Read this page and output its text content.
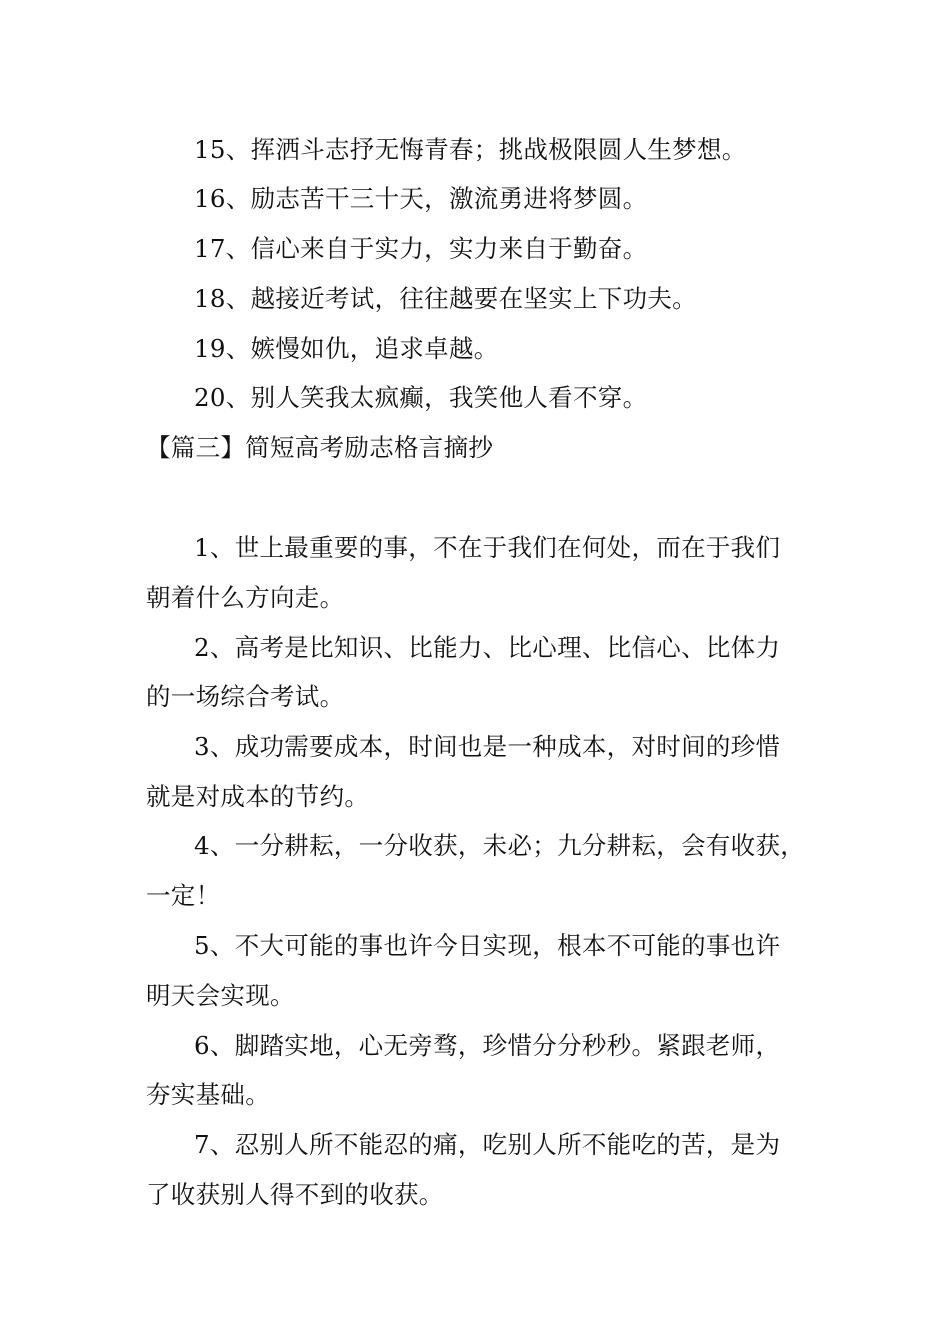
15、挥洒斗志抒无悔青春；挑战极限圆人生梦想。
16、励志苦干三十天，激流勇进将梦圆。
17、信心来自于实力，实力来自于勤奋。
18、越接近考试，往往越要在坚实上下功夫。
19、嫉慢如仇，追求卓越。
20、别人笑我太疯癫，我笑他人看不穿。
【篇三】简短高考励志格言摘抄
1、世上最重要的事，不在于我们在何处，而在于我们
朝着什么方向走。
2、高考是比知识、比能力、比心理、比信心、比体力
的一场综合考试。
3、成功需要成本，时间也是一种成本，对时间的珍惜
就是对成本的节约。
4、一分耕耘，一分收获，未必；九分耕耘，会有收获，
一定！
5、不大可能的事也许今日实现，根本不可能的事也许
明天会实现。
6、脚踏实地，心无旁骛，珍惜分分秒秒。紧跟老师，
夯实基础。
7、忍别人所不能忍的痛，吃别人所不能吃的苦，是为
了收获别人得不到的收获。
